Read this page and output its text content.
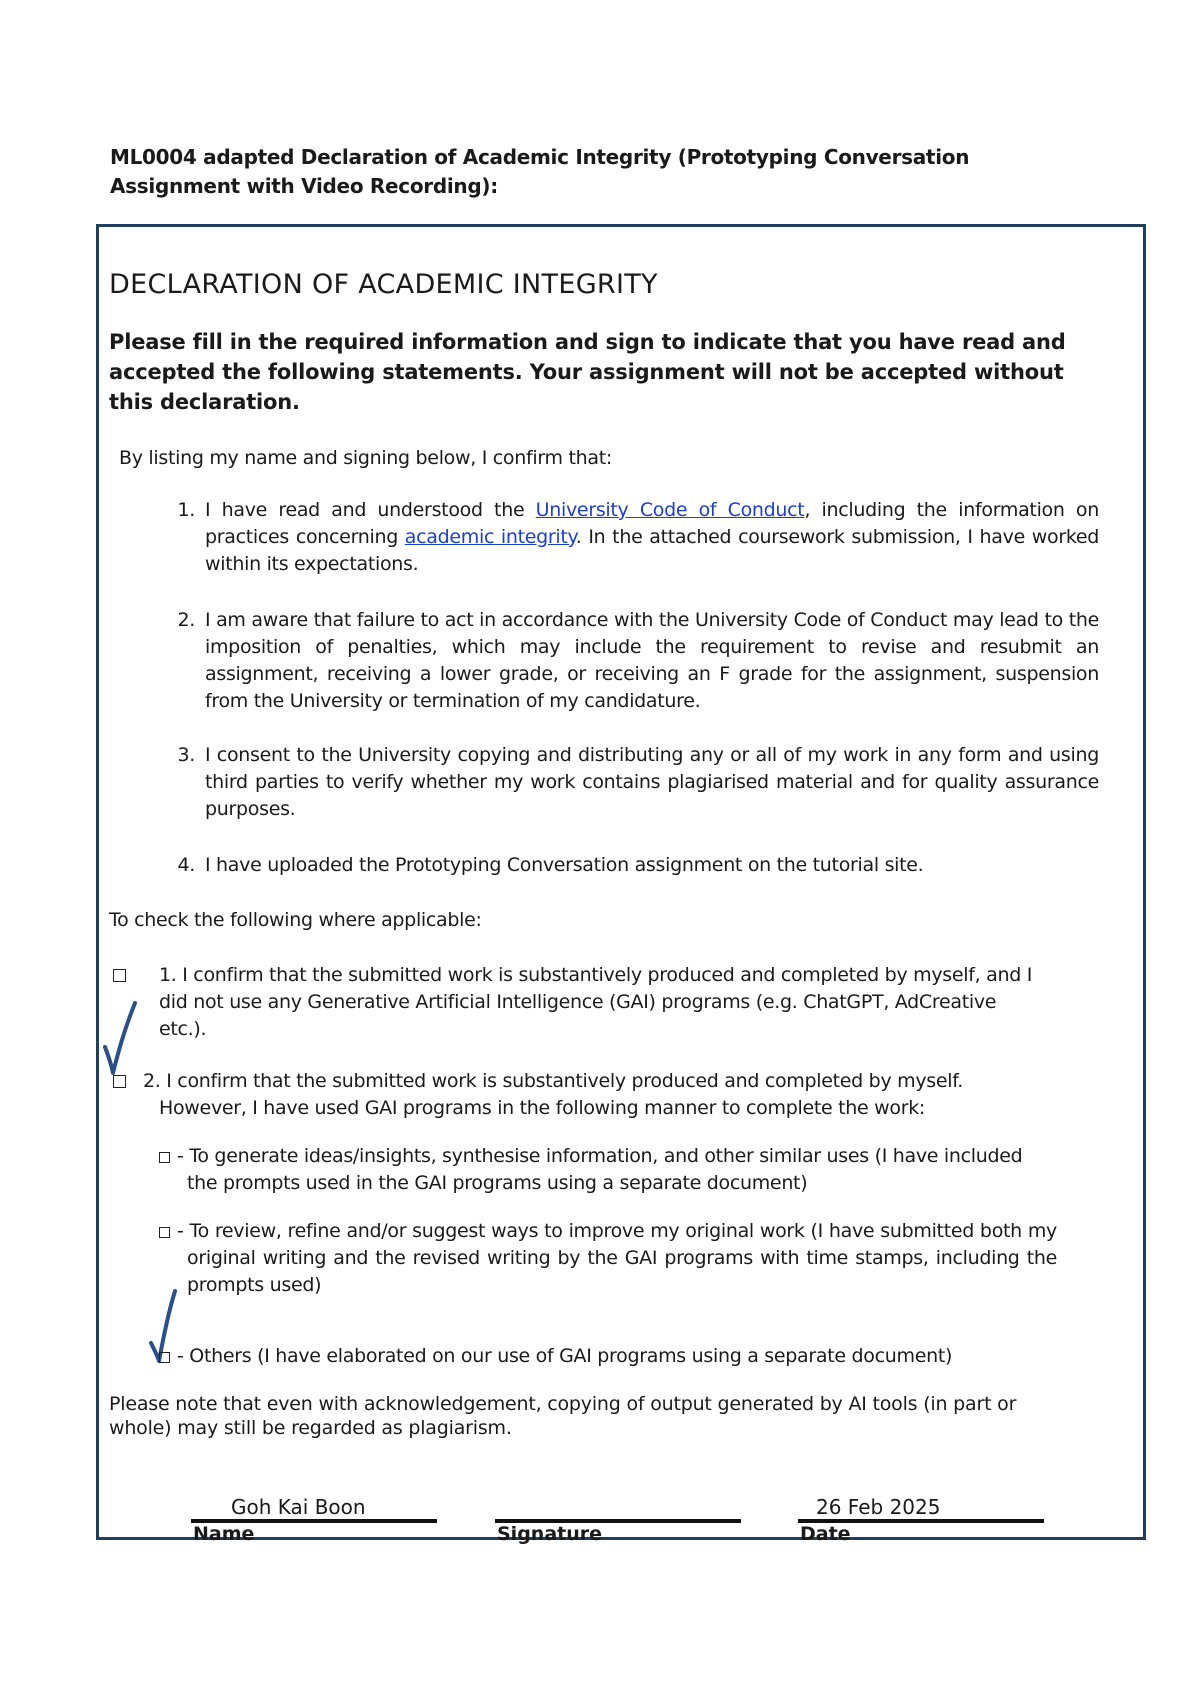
ML0004 adapted Declaration of Academic Integrity (Prototyping Conversation Assignment with Video Recording):
DECLARATION OF ACADEMIC INTEGRITY
Please fill in the required information and sign to indicate that you have read and accepted the following statements. Your assignment will not be accepted without this declaration.
By listing my name and signing below, I confirm that:
1. I have read and understood the University Code of Conduct, including the information on practices concerning academic integrity. In the attached coursework submission, I have worked within its expectations.
2. I am aware that failure to act in accordance with the University Code of Conduct may lead to the imposition of penalties, which may include the requirement to revise and resubmit an assignment, receiving a lower grade, or receiving an F grade for the assignment, suspension from the University or termination of my candidature.
3. I consent to the University copying and distributing any or all of my work in any form and using third parties to verify whether my work contains plagiarised material and for quality assurance purposes.
4. I have uploaded the Prototyping Conversation assignment on the tutorial site.
To check the following where applicable:
1. I confirm that the submitted work is substantively produced and completed by myself, and I did not use any Generative Artificial Intelligence (GAI) programs (e.g. ChatGPT, AdCreative etc.).
2. I confirm that the submitted work is substantively produced and completed by myself. However, I have used GAI programs in the following manner to complete the work:
- To generate ideas/insights, synthesise information, and other similar uses (I have included the prompts used in the GAI programs using a separate document)
- To review, refine and/or suggest ways to improve my original work (I have submitted both my original writing and the revised writing by the GAI programs with time stamps, including the prompts used)
- Others (I have elaborated on our use of GAI programs using a separate document)
Please note that even with acknowledgement, copying of output generated by AI tools (in part or whole) may still be regarded as plagiarism.
Goh Kai Boon
Name	Signature
26 Feb 2025
Date
